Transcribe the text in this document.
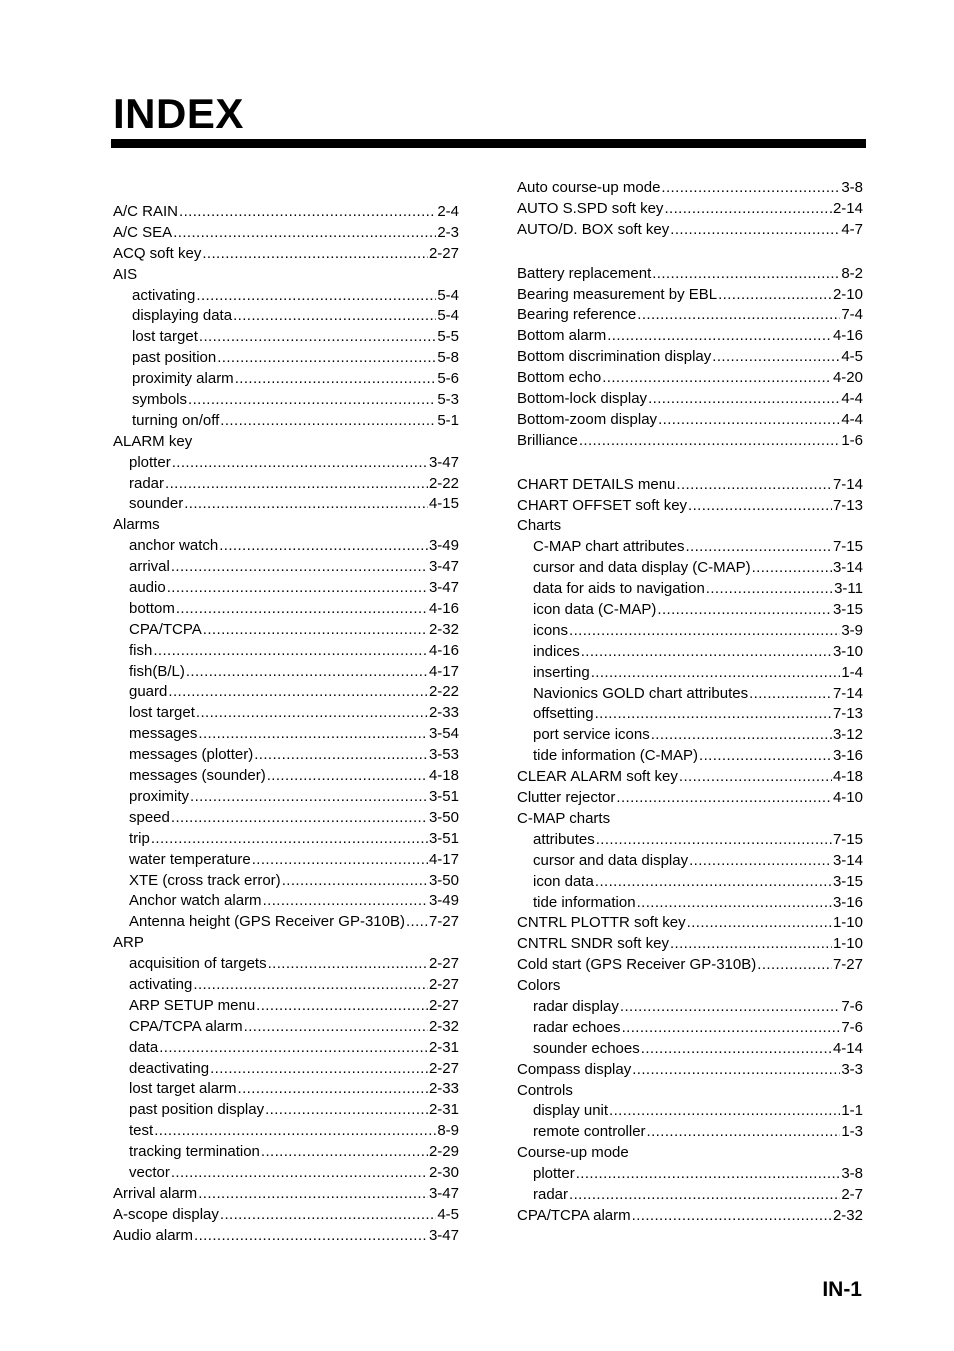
INDEX
A/C RAIN .....	2-4
A/C SEA .....	2-3
ACQ soft key .....	2-27
AIS
activating .....	5-4
displaying data .....	5-4
lost target .....	5-5
past position .....	5-8
proximity alarm .....	5-6
symbols .....	5-3
turning on/off .....	5-1
ALARM key
plotter .....	3-47
radar .....	2-22
sounder .....	4-15
Alarms
anchor watch .....	3-49
arrival .....	3-47
audio .....	3-47
bottom .....	4-16
CPA/TCPA .....	2-32
fish .....	4-16
fish(B/L) .....	4-17
guard .....	2-22
lost target .....	2-33
messages .....	3-54
messages (plotter) .....	3-53
messages (sounder) .....	4-18
proximity .....	3-51
speed .....	3-50
trip .....	3-51
water temperature .....	4-17
XTE (cross track error) .....	3-50
Anchor watch alarm .....	3-49
Antenna height (GPS Receiver GP-310B) ..... 7-27
ARP
acquisition of targets .....	2-27
activating .....	2-27
ARP SETUP menu .....	2-27
CPA/TCPA alarm .....	2-32
data .....	2-31
deactivating .....	2-27
lost target alarm .....	2-33
past position display .....	2-31
test .....	8-9
tracking termination .....	2-29
vector .....	2-30
Arrival alarm .....	3-47
A-scope display .....	4-5
Audio alarm .....	3-47
Auto course-up mode .....	3-8
AUTO S.SPD soft key .....	2-14
AUTO/D. BOX soft key .....	4-7
Battery replacement .....	8-2
Bearing measurement by EBL .....	2-10
Bearing reference .....	7-4
Bottom alarm .....	4-16
Bottom discrimination display .....	4-5
Bottom echo .....	4-20
Bottom-lock display .....	4-4
Bottom-zoom display .....	4-4
Brilliance .....	1-6
CHART DETAILS menu .....	7-14
CHART OFFSET soft key .....	7-13
Charts
C-MAP chart attributes .....	7-15
cursor and data display (C-MAP) .....	3-14
data for aids to navigation .....	3-11
icon data (C-MAP) .....	3-15
icons .....	3-9
indices .....	3-10
inserting .....	1-4
Navionics GOLD chart attributes .....	7-14
offsetting .....	7-13
port service icons .....	3-12
tide information (C-MAP) .....	3-16
CLEAR ALARM soft key .....	4-18
Clutter rejector .....	4-10
C-MAP charts
attributes .....	7-15
cursor and data display .....	3-14
icon data .....	3-15
tide information .....	3-16
CNTRL PLOTTR soft key .....	1-10
CNTRL SNDR soft key .....	1-10
Cold start (GPS Receiver GP-310B) .....	7-27
Colors
radar display .....	7-6
radar echoes .....	7-6
sounder echoes .....	4-14
Compass display .....	3-3
Controls
display unit .....	1-1
remote controller .....	1-3
Course-up mode
plotter .....	3-8
radar .....	2-7
CPA/TCPA alarm .....	2-32
IN-1
